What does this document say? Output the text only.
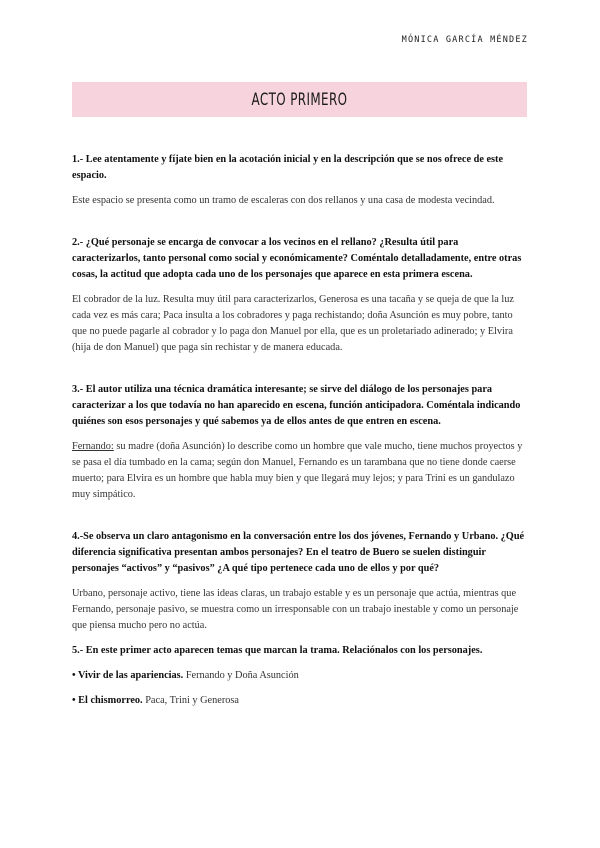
MÓNICA GARCÍA MÉNDEZ
ACTO PRIMERO

1.- Lee atentamente y fíjate bien en la acotación inicial y en la descripción que se nos ofrece de este espacio.

Este espacio se presenta como un tramo de escaleras con dos rellanos y una casa de modesta vecindad.

2.- ¿Qué personaje se encarga de convocar a los vecinos en el rellano? ¿Resulta útil para caracterizarlos, tanto personal como social y económicamente? Coméntalo detalladamente, entre otras cosas, la actitud que adopta cada uno de los personajes que aparece en esta primera escena.

El cobrador de la luz. Resulta muy útil para caracterizarlos, Generosa es una tacaña y se queja de que la luz cada vez es más cara; Paca insulta a los cobradores y paga rechistando; doña Asunción es muy pobre, tanto que no puede pagarle al cobrador y lo paga don Manuel por ella, que es un proletariado adinerado; y Elvira (hija de don Manuel) que paga sin rechistar y de manera educada.

3.- El autor utiliza una técnica dramática interesante; se sirve del diálogo de los personajes para caracterizar a los que todavía no han aparecido en escena, función anticipadora. Coméntala indicando quiénes son esos personajes y qué sabemos ya de ellos antes de que entren en escena.

Fernando: su madre (doña Asunción) lo describe como un hombre que vale mucho, tiene muchos proyectos y se pasa el día tumbado en la cama; según don Manuel, Fernando es un tarambana que no tiene donde caerse muerto; para Elvira es un hombre que habla muy bien y que llegará muy lejos; y para Trini es un gandulazo muy simpático.

4.-Se observa un claro antagonismo en la conversación entre los dos jóvenes, Fernando y Urbano. ¿Qué diferencia significativa presentan ambos personajes? En el teatro de Buero se suelen distinguir personajes “activos” y “pasivos” ¿A qué tipo pertenece cada uno de ellos y por qué?

Urbano, personaje activo, tiene las ideas claras, un trabajo estable y es un personaje que actúa, mientras que Fernando, personaje pasivo, se muestra como un irresponsable con un trabajo inestable y como un personaje que piensa mucho pero no actúa.

5.- En este primer acto aparecen temas que marcan la trama. Relaciónalos con los personajes.

• Vivir de las apariencias. Fernando y Doña Asunción

• El chismorreo. Paca, Trini y Generosa
